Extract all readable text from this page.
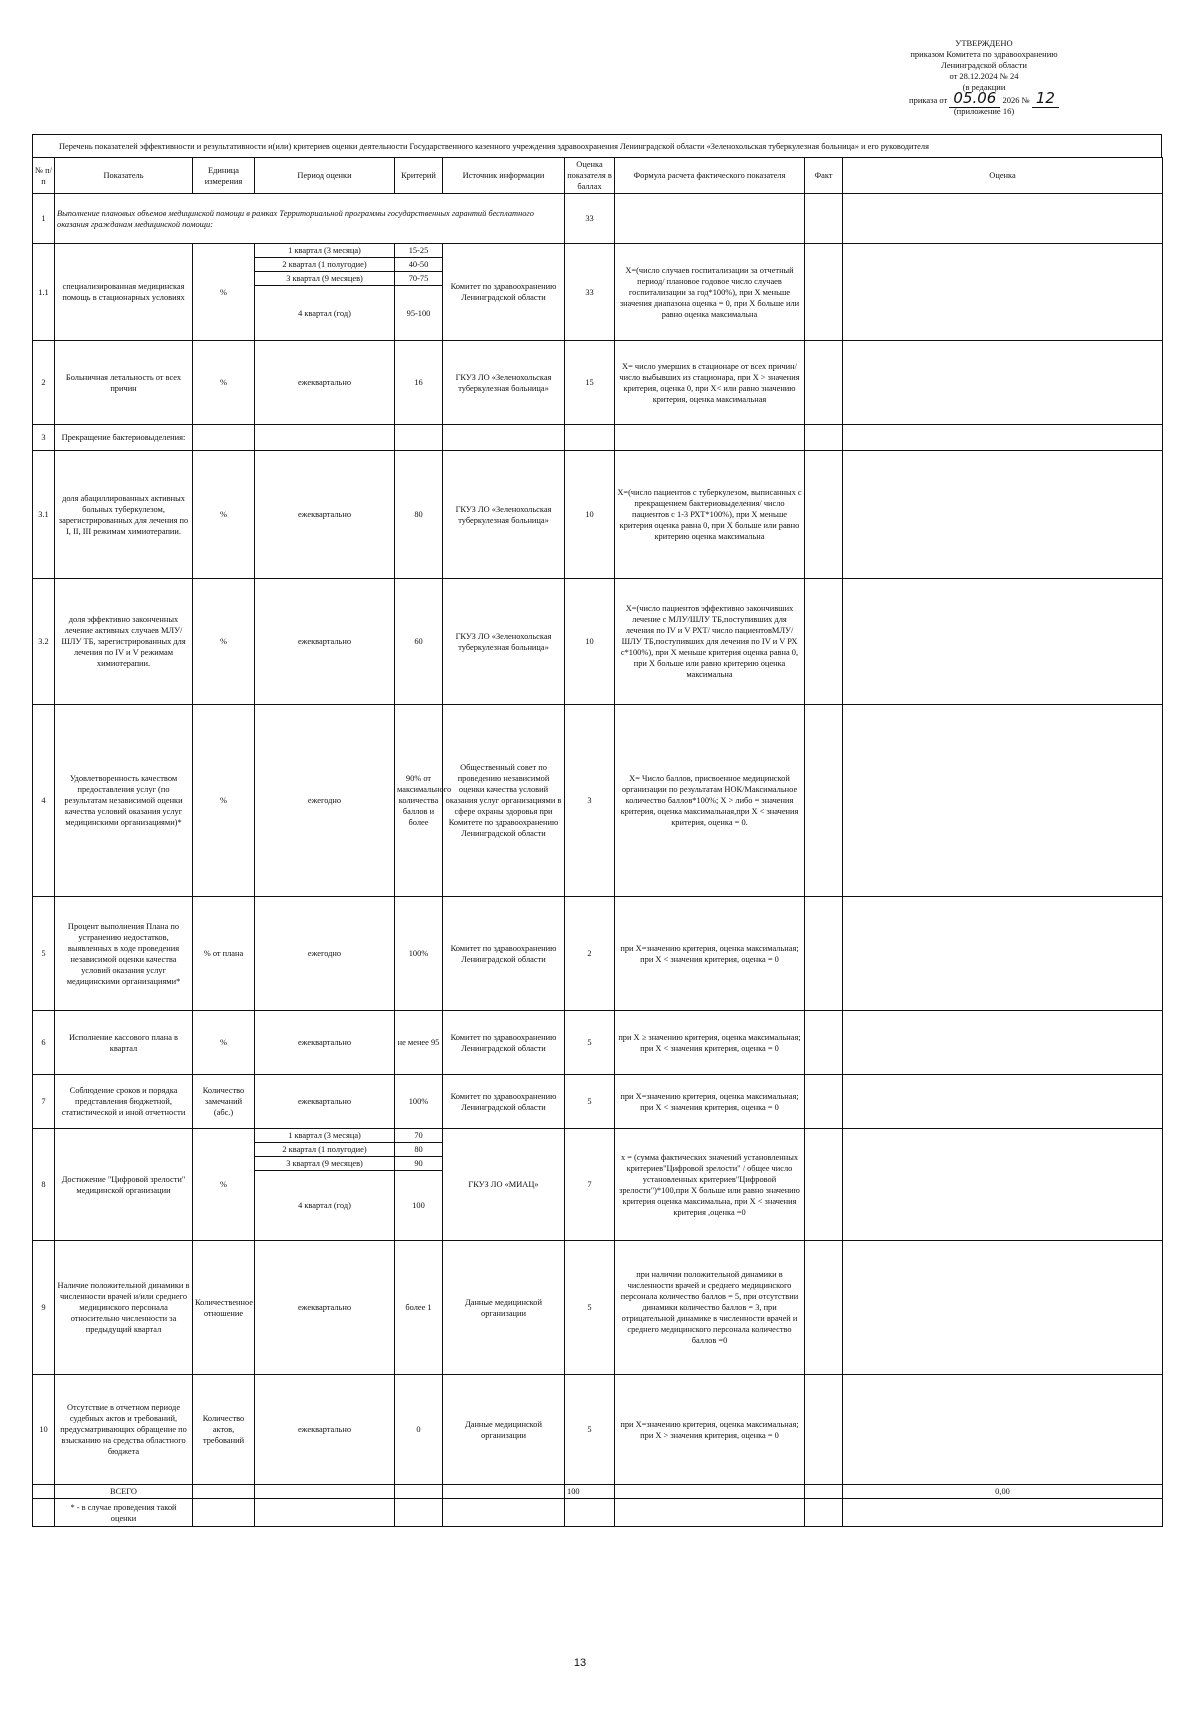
УТВЕРЖДЕНО
приказом Комитета по здравоохранению
Ленинградской области
от 28.12.2024 № 24
(в редакции
приказа от 05.06 2026 № 12
(приложение 16)
Перечень показателей эффективности и результативности и(или) критериев оценки деятельности Государственного казенного учреждения здравоохранения Ленинградской области «Зеленохольская туберкулезная больница» и его руководителя
№ п/п	Показатель	Единица измерения	Период оценки	Критерий	Источник информации	Оценка показателя в баллах	Формула расчета фактического показателя	Факт	Оценка
1	Выполнение плановых объемов медицинской помощи в рамках Территориальной программы государственных гарантий бесплатного оказания гражданам медицинской помощи:					33			
1.1	специализированная медицинская помощь в стационарных условиях	%	1 квартал (3 месяца)	15-25	Комитет по здравоохранению Ленинградской области	33	Х=(число случаев госпитализации за отчетный период/ плановое годовое число случаев госпитализации за год*100%), при Х меньше значения диапазона оценка = 0, при Х больше или равно оценка максимальна		
			2 квартал (1 полугодие)	40-50					
			3 квартал (9 месяцев)	70-75					
			4 квартал (год)	95-100					
2	Больничная летальность от всех причин	%	ежеквартально	16	ГКУЗ ЛО «Зеленохольская туберкулезная больница»	15	Х= число умерших в стационаре от всех причин/число выбывших из стационара, при Х > значения критерия, оценка 0, при Х< или равно значению критерия, оценка максимальная		
3	Прекращение бактериовыделения:								
3.1	доля абациллированных активных больных туберкулезом, зарегистрированных для лечения по I, II, III режимам химиотерапии.	%	ежеквартально	80	ГКУЗ ЛО «Зеленохольская туберкулезная больница»	10	Х=(число пациентов с туберкулезом, выписанных с прекращением бактериовыделения/ число пациентов с 1-3 РХТ*100%), при Х меньше критерия оценка равна 0, при Х больше или равно критерию оценка максимальна		
3.2	доля эффективно законченных лечение активных случаев МЛУ/ШЛУ ТБ, зарегистрированных для лечения по IV и V режимам химиотерапии.	%	ежеквартально	60	ГКУЗ ЛО «Зеленохольская туберкулезная больница»	10	Х=(число пациентов эффективно закончивших лечение с МЛУ/ШЛУ ТБ,поступивших для лечения по IV и V РХТ/ число пациентовМЛУ/ШЛУ ТБ,поступивших для лечения по IV и V РХ с*100%), при Х меньше критерия оценка равна 0, при Х больше или равно критерию оценка максимальна		
4	Удовлетворенность качеством предоставления услуг (по результатам независимой оценки качества условий оказания услуг медицинскими организациями)*	%	ежегодно	90% от максимального количества баллов и более	Общественный совет по проведению независимой оценки качества условий оказания услуг организациями в сфере охраны здоровья при Комитете по здравоохранению Ленинградской области	3	Х= Число баллов, присвоенное медицинской организации по результатам НОК/Максимальное количество баллов*100%; Х > либо = значения критерия, оценка максимальная,при Х < значения критерия, оценка = 0.		
5	Процент выполнения Плана по устранению недостатков, выявленных в ходе проведения независимой оценки качества условий оказания услуг медицинскими организациями*	% от плана	ежегодно	100%	Комитет по здравоохранению Ленинградской области	2	при Х=значению критерия, оценка максимальная; при Х < значения критерия, оценка = 0		
6	Исполнение кассового плана в квартал	%	ежеквартально	не менее 95	Комитет по здравоохранению Ленинградской области	5	при Х ≥ значению критерия, оценка максимальная; при Х < значения критерия, оценка = 0		
7	Соблюдение сроков и порядка представления бюджетной, статистической и иной отчетности	Количество замечаний (абс.)	ежеквартально	100%	Комитет по здравоохранению Ленинградской области	5	при Х=значению критерия, оценка максимальная; при Х < значения критерия, оценка = 0		
8	Достижение "Цифровой зрелости" медицинской организации	%	1 квартал (3 месяца)	70	ГКУЗ ЛО «МИАЦ»	7	х = (сумма фактических значений установленных критериев"Цифровой зрелости" / общее число установленных критериев"Цифровой зрелости")*100,при Х больше или равно значению критерия оценка максимальна, при Х < значения критерия ,оценка =0		
			2 квартал (1 полугодие)	80					
			3 квартал (9 месяцев)	90					
			4 квартал (год)	100					
9	Наличие положительной динамики в численности врачей и/или среднего медицинского персонала относительно численности за предыдущий квартал	Количественное отношение	ежеквартально	более 1	Данные медицинской организации	5	при наличии положительной динамики в численности врачей и среднего медицинского персонала количество баллов = 5, при отсутствии динамики количество баллов = 3, при отрицательной динамике в численности врачей и среднего медицинского персонала количество баллов =0		
10	Отсутствие в отчетном периоде судебных актов и требований, предусматривающих обращение по взысканию на средства областного бюджета	Количество актов, требований	ежеквартально	0	Данные медицинской организации	5	при Х=значению критерия, оценка максимальная; при Х > значения критерия, оценка = 0		
	ВСЕГО					100			0,00
	* - в случае проведения такой оценки								
13
